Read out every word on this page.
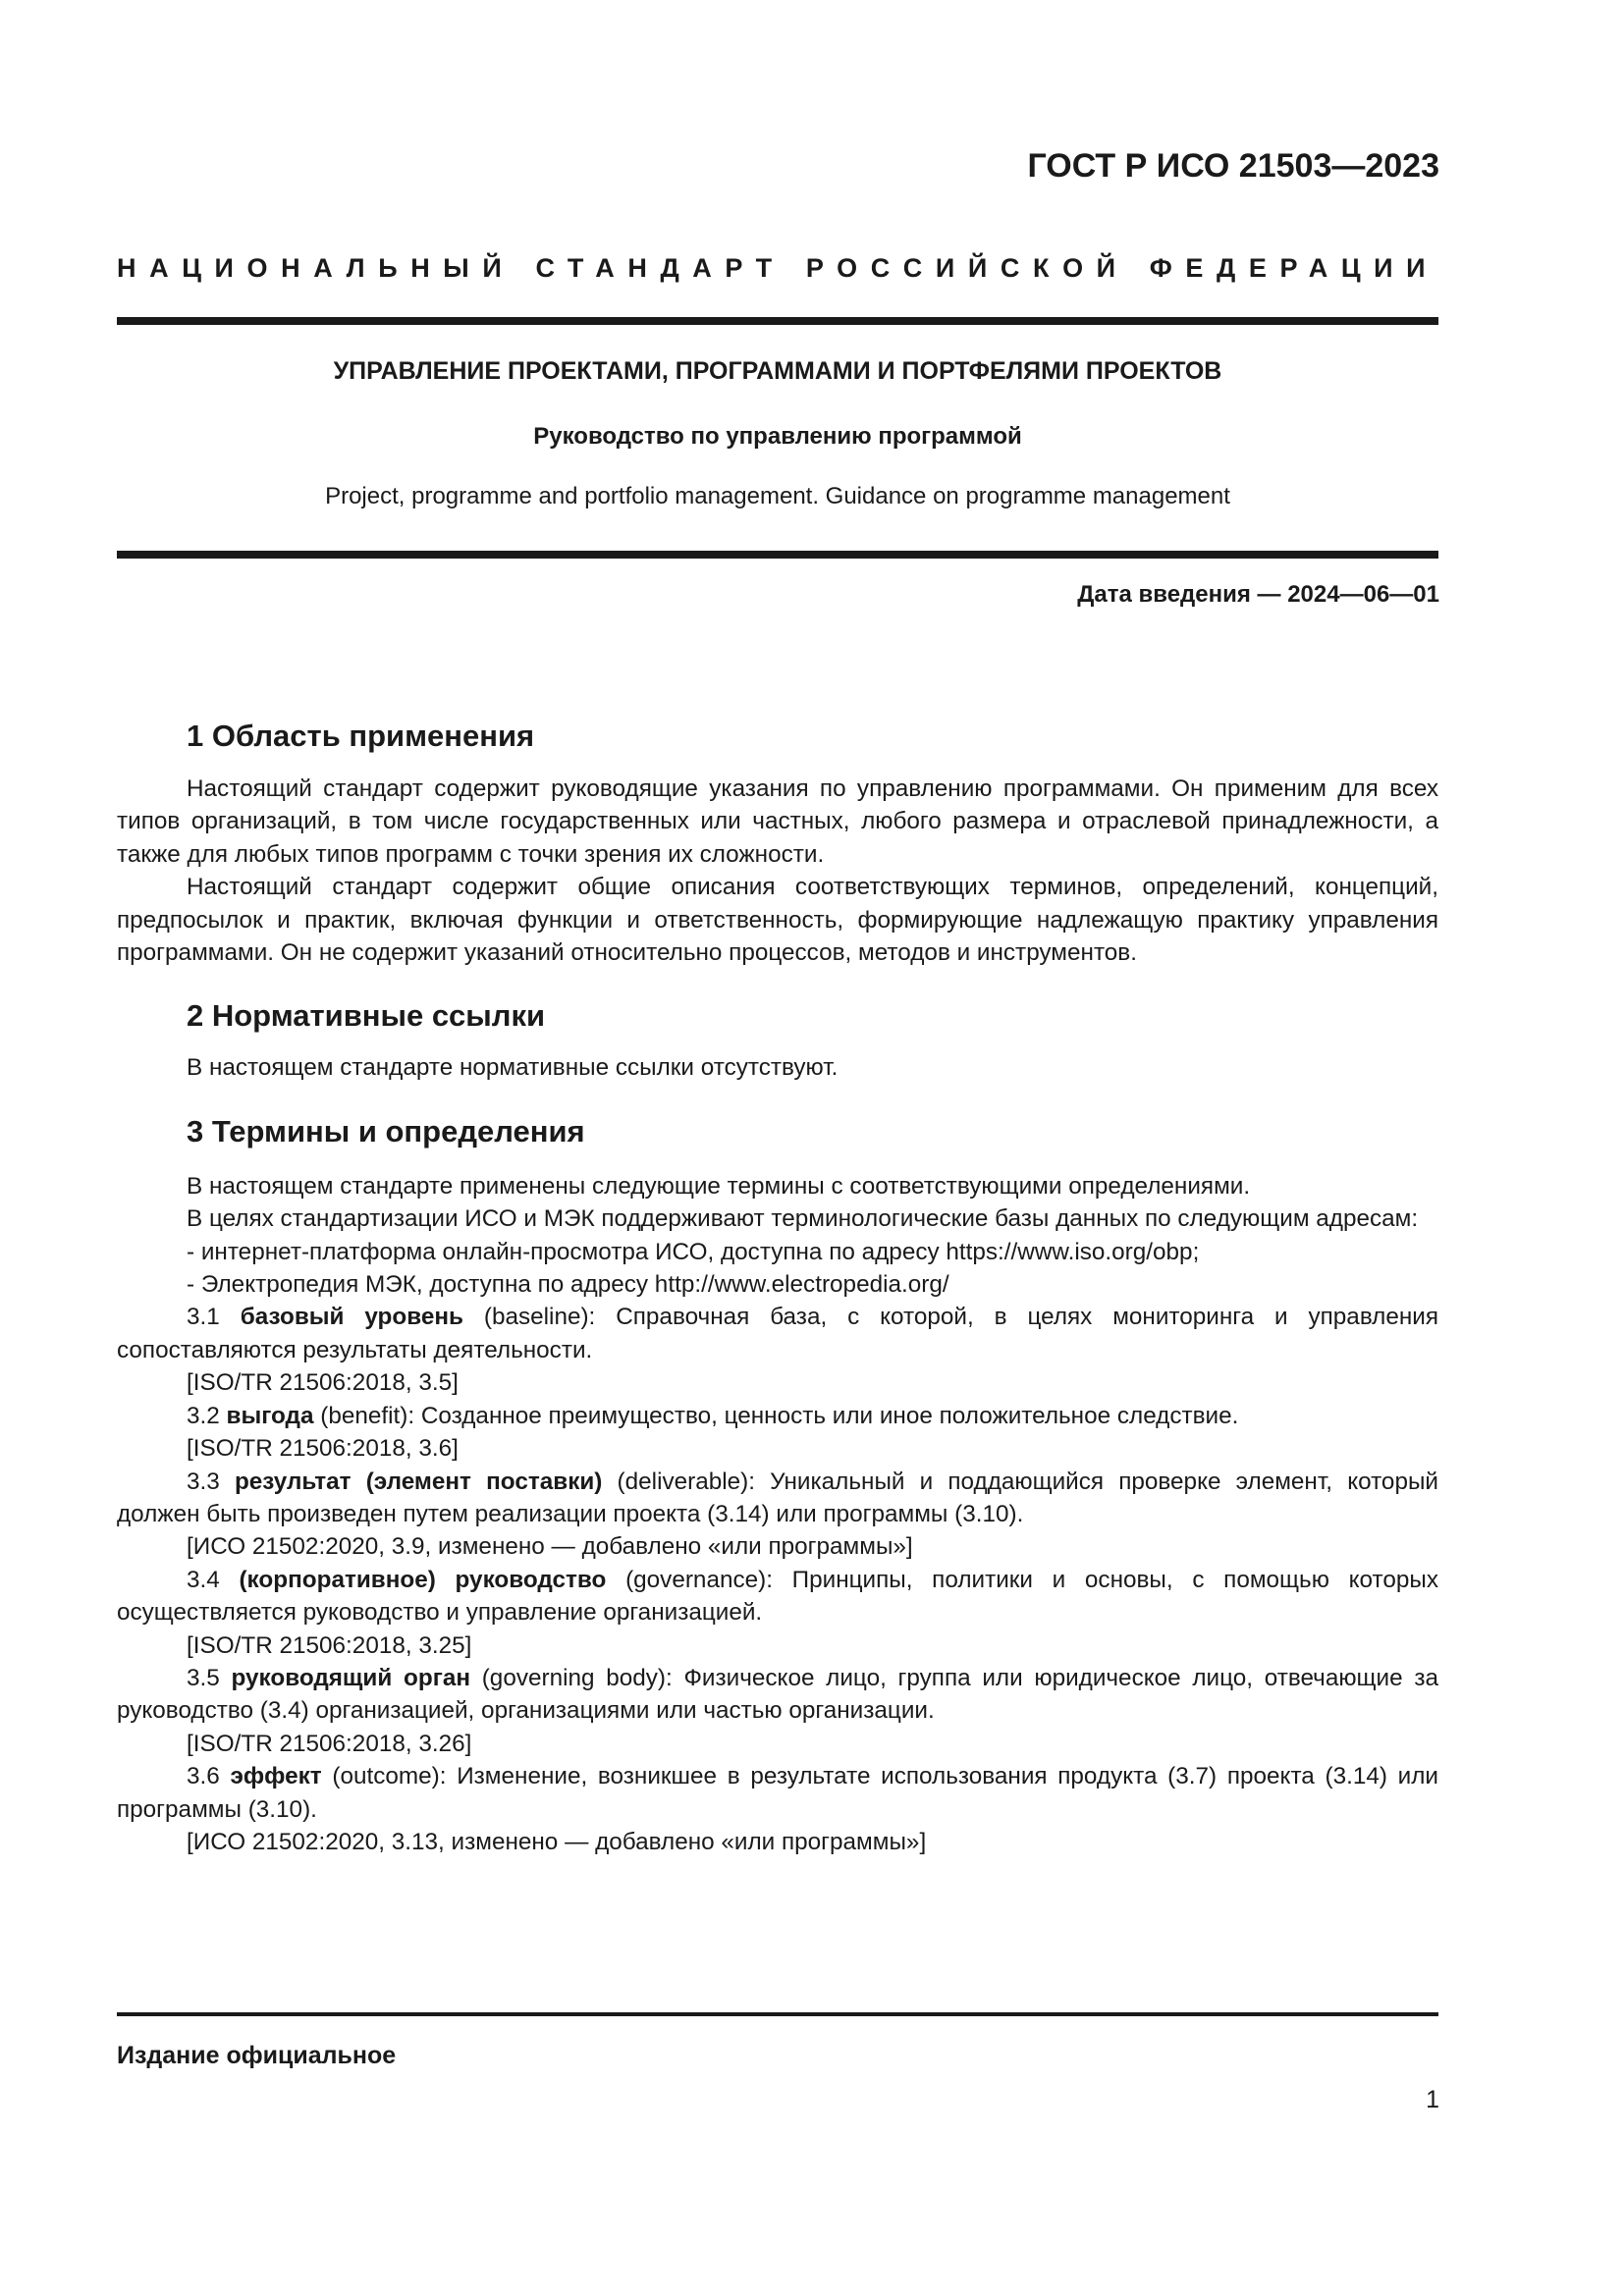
ГОСТ Р ИСО 21503—2023
НАЦИОНАЛЬНЫЙ СТАНДАРТ РОССИЙСКОЙ ФЕДЕРАЦИИ
УПРАВЛЕНИЕ ПРОЕКТАМИ, ПРОГРАММАМИ И ПОРТФЕЛЯМИ ПРОЕКТОВ
Руководство по управлению программой
Project, programme and portfolio management. Guidance on programme management
Дата введения — 2024—06—01
1 Область применения

Настоящий стандарт содержит руководящие указания по управлению программами. Он применим для всех типов организаций, в том числе государственных или частных, любого размера и отраслевой принадлежности, а также для любых типов программ с точки зрения их сложности.

Настоящий стандарт содержит общие описания соответствующих терминов, определений, концепций, предпосылок и практик, включая функции и ответственность, формирующие надлежащую практику управления программами. Он не содержит указаний относительно процессов, методов и инструментов.

2 Нормативные ссылки

В настоящем стандарте нормативные ссылки отсутствуют.

3 Термины и определения

В настоящем стандарте применены следующие термины с соответствующими определениями.

В целях стандартизации ИСО и МЭК поддерживают терминологические базы данных по следующим адресам:

- интернет-платформа онлайн-просмотра ИСО, доступна по адресу https://www.iso.org/obp;

- Электропедия МЭК, доступна по адресу http://www.electropedia.org/

3.1 базовый уровень (baseline): Справочная база, с которой, в целях мониторинга и управления сопоставляются результаты деятельности.

[ISO/TR 21506:2018, 3.5]

3.2 выгода (benefit): Созданное преимущество, ценность или иное положительное следствие.

[ISO/TR 21506:2018, 3.6]

3.3 результат (элемент поставки) (deliverable): Уникальный и поддающийся проверке элемент, который должен быть произведен путем реализации проекта (3.14) или программы (3.10).

[ИСО 21502:2020, 3.9, изменено — добавлено «или программы»]

3.4 (корпоративное) руководство (governance): Принципы, политики и основы, с помощью которых осуществляется руководство и управление организацией.

[ISO/TR 21506:2018, 3.25]

3.5 руководящий орган (governing body): Физическое лицо, группа или юридическое лицо, отвечающие за руководство (3.4) организацией, организациями или частью организации.

[ISO/TR 21506:2018, 3.26]

3.6 эффект (outcome): Изменение, возникшее в результате использования продукта (3.7) проекта (3.14) или программы (3.10).

[ИСО 21502:2020, 3.13, изменено — добавлено «или программы»]

Издание официальное
1
